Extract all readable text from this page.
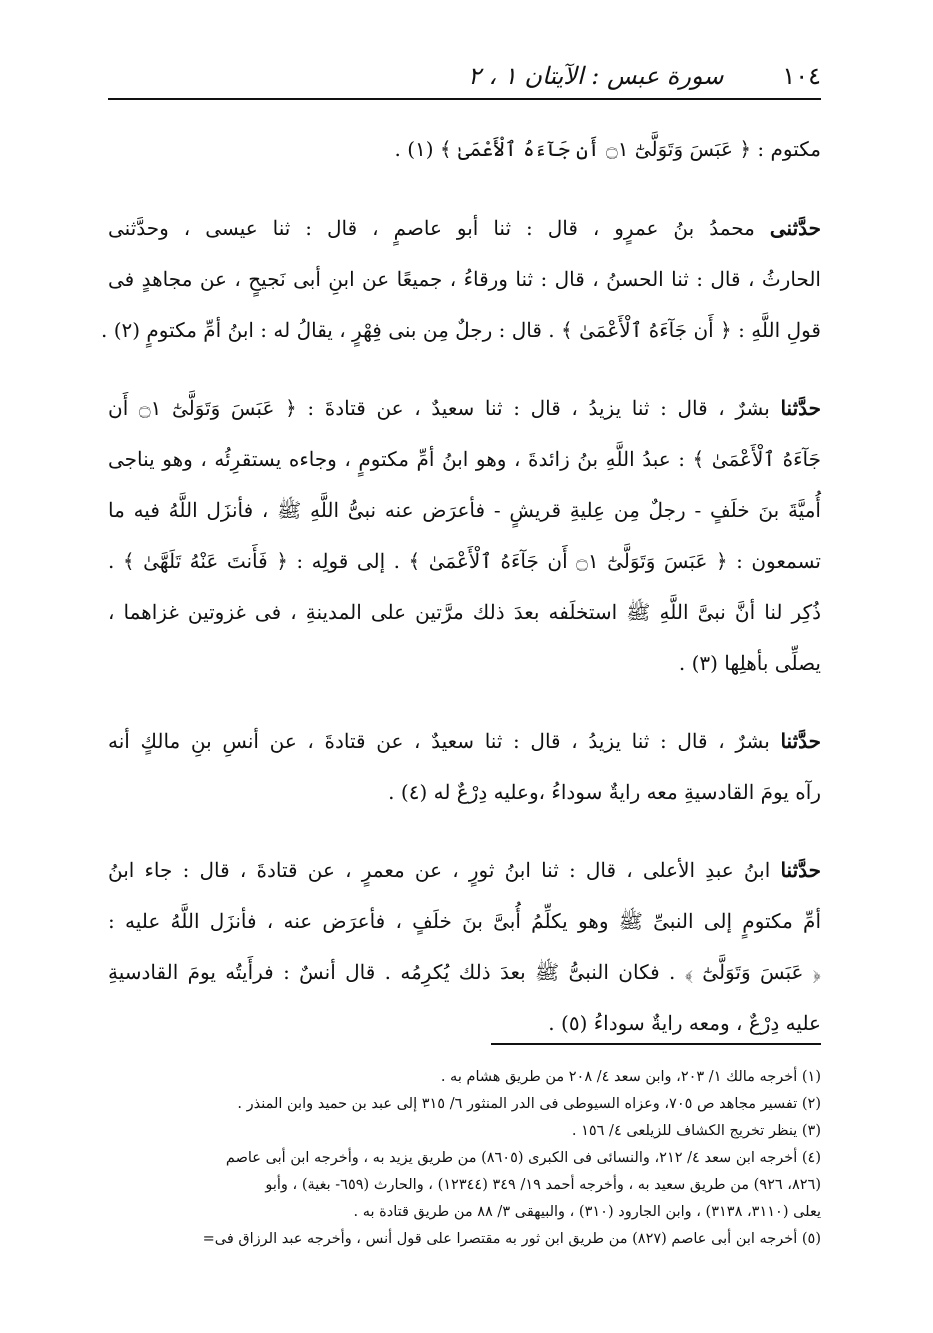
١٠٤
سورة عبس : الآيتان ١ ، ٢
مكتوم : ﴿ عَبَسَ وَتَوَلَّىٰٓ ۝١ أَن جَآءَهُ ٱلْأَعْمَىٰ ﴾ (١) .
حدَّثنى محمدُ بنُ عمرٍو ، قال : ثنا أبو عاصمٍ ، قال : ثنا عيسى ، وحدَّثنى
الحارثُ ، قال : ثنا الحسنُ ، قال : ثنا ورقاءُ ، جميعًا عن ابنِ أبى نَجيحٍ ، عن مجاهدٍ فى
قولِ اللَّهِ : ﴿ أَن جَآءَهُ ٱلْأَعْمَىٰ ﴾ . قال : رجلٌ مِن بنى فِهْرٍ ، يقالُ له : ابنُ أمِّ مكتومٍ (٢) .
حدَّثنا بشرٌ ، قال : ثنا يزيدُ ، قال : ثنا سعيدٌ ، عن قتادةَ : ﴿ عَبَسَ وَتَوَلَّىٰٓ ۝١ أَن
جَآءَهُ ٱلْأَعْمَىٰ ﴾ : عبدُ اللَّهِ بنُ زائدةَ ، وهو ابنُ أمِّ مكتومٍ ، وجاءه يستقرِئُه ، وهو يناجى
أُميَّةَ بنَ خلَفٍ - رجلٌ مِن عِليةِ قريشٍ - فأعرَض عنه نبىُّ اللَّهِ ﷺ ، فأنزَل اللَّهُ فيه ما
تسمعون : ﴿ عَبَسَ وَتَوَلَّىٰٓ ۝١ أَن جَآءَهُ ٱلْأَعْمَىٰ ﴾ . إلى قولِه : ﴿ فَأَنتَ عَنْهُ تَلَهَّىٰ ﴾ .
ذُكِر لنا أنَّ نبىَّ اللَّهِ ﷺ استخلَفه بعدَ ذلك مرَّتين على المدينةِ ، فى غزوتين غزاهما ،
يصلِّى بأهلِها (٣) .
حدَّثنا بشرٌ ، قال : ثنا يزيدُ ، قال : ثنا سعيدٌ ، عن قتادةَ ، عن أنسِ بنِ مالكٍ أنه
رآه يومَ القادسيةِ معه رايةٌ سوداءُ ،وعليه دِرْعٌ له (٤) .
حدَّثنا ابنُ عبدِ الأعلى ، قال : ثنا ابنُ ثورٍ ، عن معمرٍ ، عن قتادةَ ، قال : جاء ابنُ
أمِّ مكتومٍ إلى النبىِّ ﷺ وهو يكلِّمُ أُبىَّ بنَ خلَفٍ ، فأعرَض عنه ، فأنزَل اللَّهُ عليه :
﴿ عَبَسَ وَتَوَلَّىٰٓ ﴾ . فكان النبىُّ ﷺ بعدَ ذلك يُكرِمُه . قال أنسٌ : فرأَيتُه يومَ القادسيةِ
عليه دِرْعٌ ، ومعه رايةٌ سوداءُ (٥) .
(١) أخرجه مالك ١/ ٢٠٣، وابن سعد ٤/ ٢٠٨ من طريق هشام به .
(٢) تفسير مجاهد ص ٧٠٥، وعزاه السيوطى فى الدر المنثور ٦/ ٣١٥ إلى عبد بن حميد وابن المنذر .
(٣) ينظر تخريج الكشاف للزيلعى ٤/ ١٥٦ .
(٤) أخرجه ابن سعد ٤/ ٢١٢، والنسائى فى الكبرى (٨٦٠٥) من طريق يزيد به ، وأخرجه ابن أبى عاصم
(٨٢٦، ٩٢٦) من طريق سعيد به ، وأخرجه أحمد ١٩/ ٣٤٩ (١٢٣٤٤) ، والحارث (٦٥٩- بغية) ، وأبو
يعلى (٣١١٠، ٣١٣٨) ، وابن الجارود (٣١٠) ، والبيهقى ٣/ ٨٨ من طريق قتادة به .
(٥) أخرجه ابن أبى عاصم (٨٢٧) من طريق ابن ثور به مقتصرا على قول أنس ، وأخرجه عبد الرزاق فى=
